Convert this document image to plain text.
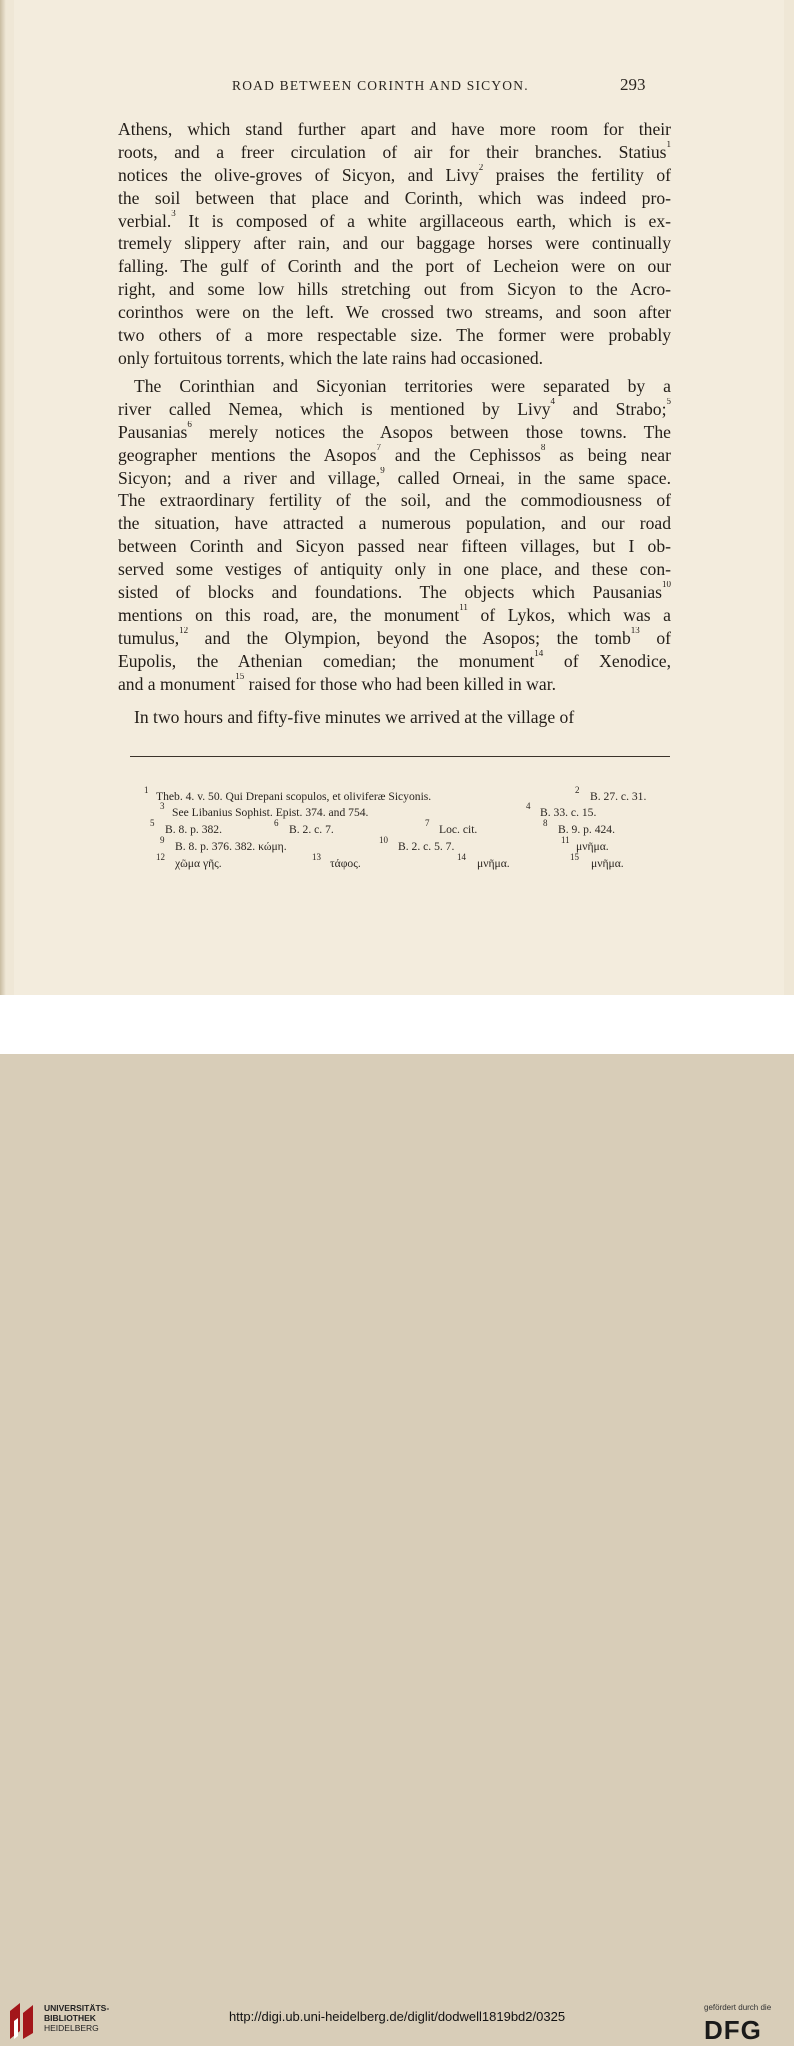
ROAD BETWEEN CORINTH AND SICYON.	293
Athens, which stand further apart and have more room for their
roots, and a freer circulation of air for their branches. Statius$^1$
notices the olive-groves of Sicyon, and Livy$^2$ praises the fertility of
the soil between that place and Corinth, which was indeed pro-
verbial.$^3$ It is composed of a white argillaceous earth, which is ex-
tremely slippery after rain, and our baggage horses were continually
falling. The gulf of Corinth and the port of Lecheion were on our
right, and some low hills stretching out from Sicyon to the Acro-
corinthos were on the left. We crossed two streams, and soon after
two others of a more respectable size. The former were probably
only fortuitous torrents, which the late rains had occasioned.
The Corinthian and Sicyonian territories were separated by a
river called Nemea, which is mentioned by Livy$^4$ and Strabo;$^5$
Pausanias$^6$ merely notices the Asopos between those towns. The
geographer mentions the Asopos$^7$ and the Cephissos$^8$ as being near
Sicyon; and a river and village,$^9$ called Orneai, in the same space.
The extraordinary fertility of the soil, and the commodiousness of
the situation, have attracted a numerous population, and our road
between Corinth and Sicyon passed near fifteen villages, but I ob-
served some vestiges of antiquity only in one place, and these con-
sisted of blocks and foundations. The objects which Pausanias$^{10}$
mentions on this road, are, the monument$^{11}$ of Lykos, which was a
tumulus,$^{12}$ and the Olympion, beyond the Asopos; the tomb$^{13}$ of
Eupolis, the Athenian comedian; the monument$^{14}$ of Xenodice,
and a monument$^{15}$ raised for those who had been killed in war.
In two hours and fifty-five minutes we arrived at the village of
1 Theb. 4. v. 50. Qui Drepani scopulos, et oliviferæ Sicyonis.	2 B. 27. c. 31.
3 See Libanius Sophist. Epist. 374. and 754.	4 B. 33. c. 15.
5 B. 8. p. 382.	6 B. 2. c. 7.	7 Loc. cit.	8 B. 9. p. 424.
9 B. 8. p. 376. 382. κώμη.	10 B. 2. c. 5. 7.	11 μνῆμα.
12 χῶμα γῆς.	13 τάφος.	14 μνῆμα.	15 μνῆμα.
UNIVERSITÄTS-
BIBLIOTHEK
HEIDELBERG
http://digi.ub.uni-heidelberg.de/diglit/dodwell1819bd2/0325
gefördert durch die
DFG
